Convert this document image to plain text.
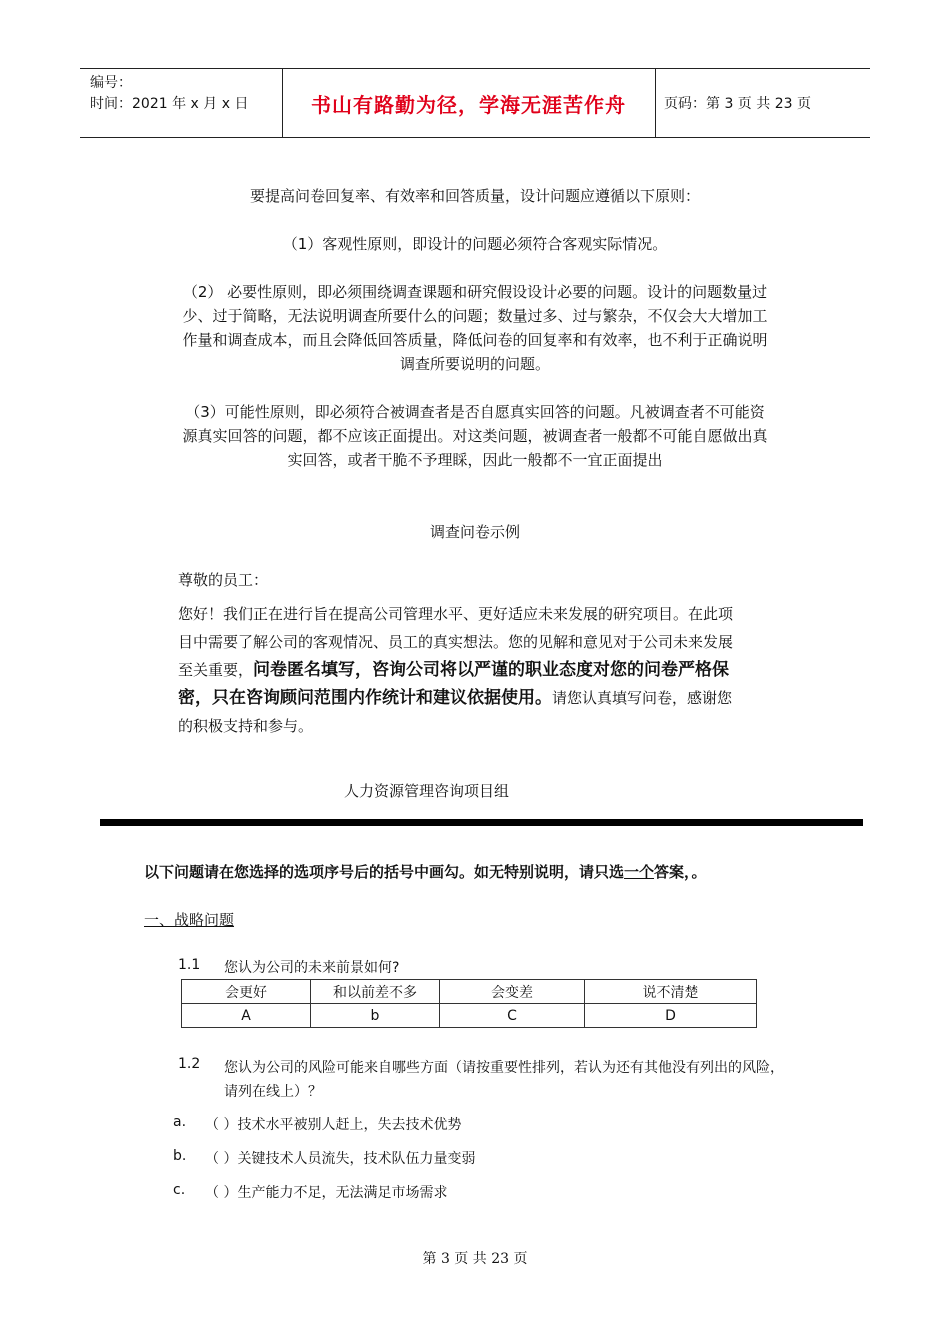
编号：
时间：2021 年 x 月 x 日	书山有路勤为径，学海无涯苦作舟	页码：第 3 页 共 23 页
要提高问卷回复率、有效率和回答质量，设计问题应遵循以下原则：
（1）客观性原则，即设计的问题必须符合客观实际情况。
（2） 必要性原则，即必须围绕调查课题和研究假设设计必要的问题。设计的问题数量过
少、过于简略，无法说明调查所要什么的问题；数量过多、过与繁杂，不仅会大大增加工
作量和调查成本，而且会降低回答质量，降低问卷的回复率和有效率，也不利于正确说明
调查所要说明的问题。
（3）可能性原则，即必须符合被调查者是否自愿真实回答的问题。凡被调查者不可能资
源真实回答的问题，都不应该正面提出。对这类问题，被调查者一般都不可能自愿做出真
实回答，或者干脆不予理睬，因此一般都不一宜正面提出
调查问卷示例
尊敬的员工：
您好！我们正在进行旨在提高公司管理水平、更好适应未来发展的研究项目。在此项
目中需要了解公司的客观情况、员工的真实想法。您的见解和意见对于公司未来发展
至关重要，问卷匿名填写，咨询公司将以严谨的职业态度对您的问卷严格保
密，只在咨询顾问范围内作统计和建议依据使用。请您认真填写问卷，感谢您
的积极支持和参与。
人力资源管理咨询项目组
以下问题请在您选择的选项序号后的括号中画勾。如无特别说明，请只选一个答案，。
一、战略问题
1.1 您认为公司的未来前景如何?
会更好	和以前差不多	会变差	说不清楚
A	b	C	D
1.2 您认为公司的风险可能来自哪些方面（请按重要性排列，若认为还有其他没有列出的风险，
请列在线上）？
a. （ ）技术水平被别人赶上，失去技术优势
b. （ ）关键技术人员流失，技术队伍力量变弱
c. （ ）生产能力不足，无法满足市场需求
第 3 页 共 23 页
